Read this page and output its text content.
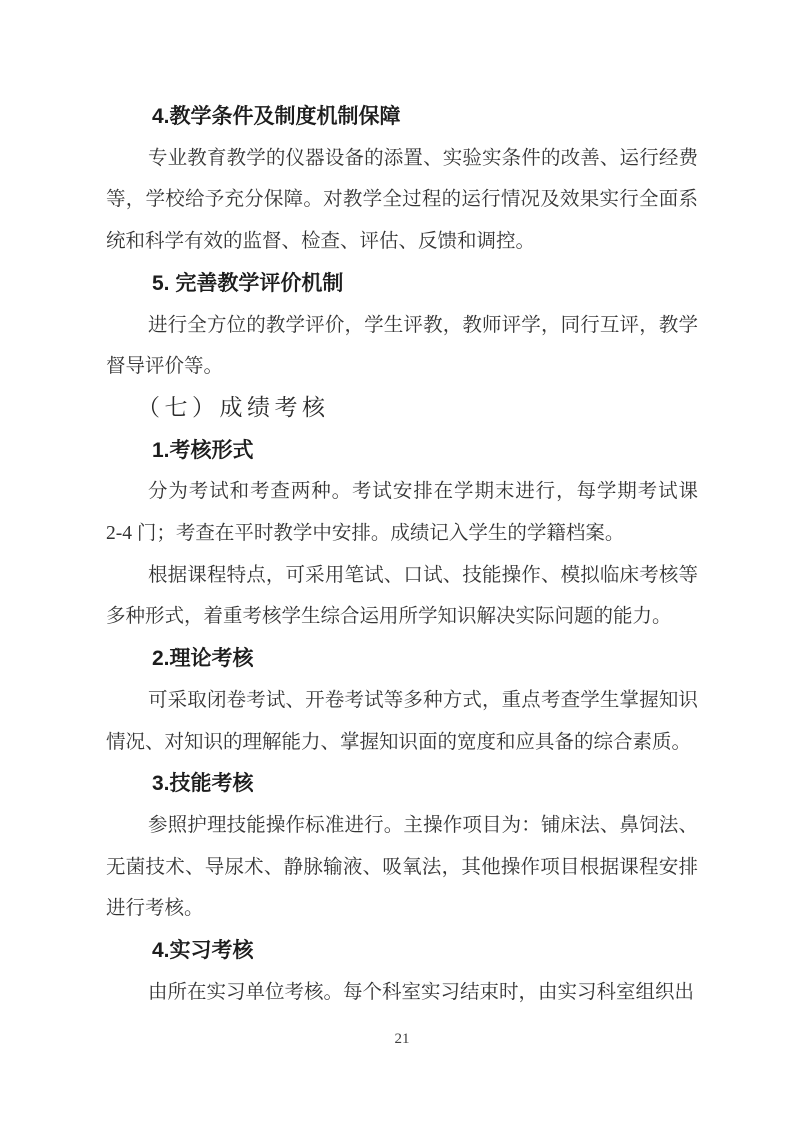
4.教学条件及制度机制保障
专业教育教学的仪器设备的添置、实验实条件的改善、运行经费
等，学校给予充分保障。对教学全过程的运行情况及效果实行全面系
统和科学有效的监督、检查、评估、反馈和调控。
5. 完善教学评价机制
进行全方位的教学评价，学生评教，教师评学，同行互评，教学
督导评价等。
（七）成绩考核
1.考核形式
分为考试和考查两种。考试安排在学期末进行，每学期考试课
2-4 门；考查在平时教学中安排。成绩记入学生的学籍档案。
根据课程特点，可采用笔试、口试、技能操作、模拟临床考核等
多种形式，着重考核学生综合运用所学知识解决实际问题的能力。
2.理论考核
可采取闭卷考试、开卷考试等多种方式，重点考查学生掌握知识
情况、对知识的理解能力、掌握知识面的宽度和应具备的综合素质。
3.技能考核
参照护理技能操作标准进行。主操作项目为：铺床法、鼻饲法、
无菌技术、导尿术、静脉输液、吸氧法，其他操作项目根据课程安排
进行考核。
4.实习考核
由所在实习单位考核。每个科室实习结束时，由实习科室组织出
21
